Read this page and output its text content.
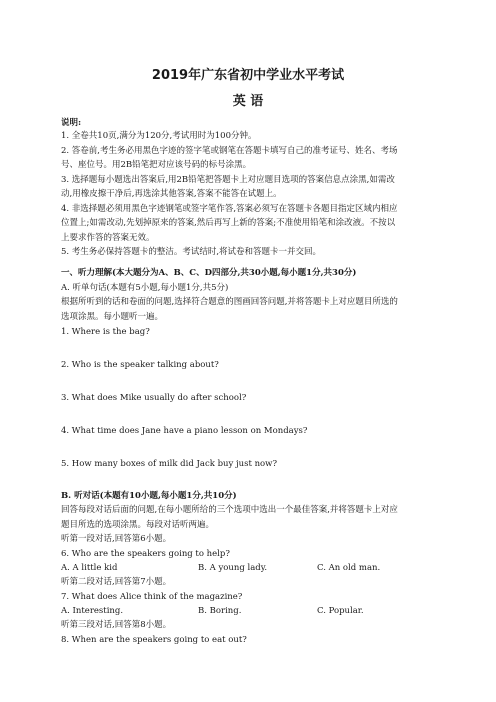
2019年广东省初中学业水平考试
英 语
说明:
1. 全卷共10页,满分为120分,考试用时为100分钟。
2. 答卷前,考生务必用黑色字迹的签字笔或钢笔在答题卡填写自己的准考证号、姓名、考场
号、座位号。用2B铅笔把对应该号码的标号涂黑。
3. 选择题每小题选出答案后,用2B铅笔把答题卡上对应题目选项的答案信息点涂黑,如需改
动,用橡皮擦干净后,再选涂其他答案,答案不能答在试题上。
4. 非选择题必须用黑色字迹钢笔或签字笔作答,答案必须写在答题卡各题目指定区域内相应
位置上;如需改动,先划掉原来的答案,然后再写上新的答案;不准使用铅笔和涂改液。不按以
上要求作答的答案无效。
5. 考生务必保持答题卡的整洁。考试结时,将试卷和答题卡一并交回。
一、听力理解(本大题分为A、B、C、D四部分,共30小题,每小题1分,共30分)
A. 听单句话(本题有5小题,每小题1分,共5分)
根据所听到的话和卷面的问题,选择符合题意的图画回答问题,并将答题卡上对应题目所选的
选项涂黑。每小题听一遍。
1. Where is the bag?
2. Who is the speaker talking about?
3. What does Mike usually do after school?
4. What time does Jane have a piano lesson on Mondays?
5. How many boxes of milk did Jack buy just now?
B. 听对话(本题有10小题,每小题1分,共10分)
回答每段对话后面的问题,在每小题所给的三个选项中选出一个最佳答案,并将答题卡上对应
题目所选的选项涂黑。每段对话听两遍。
听第一段对话,回答第6小题。
6. Who are the speakers going to help?
A. A little kid	B. A young lady.	C. An old man.
听第二段对话,回答第7小题。
7. What does Alice think of the magazine?
A. Interesting.	B. Boring.	C. Popular.
听第三段对话,回答第8小题。
8. When are the speakers going to eat out?
